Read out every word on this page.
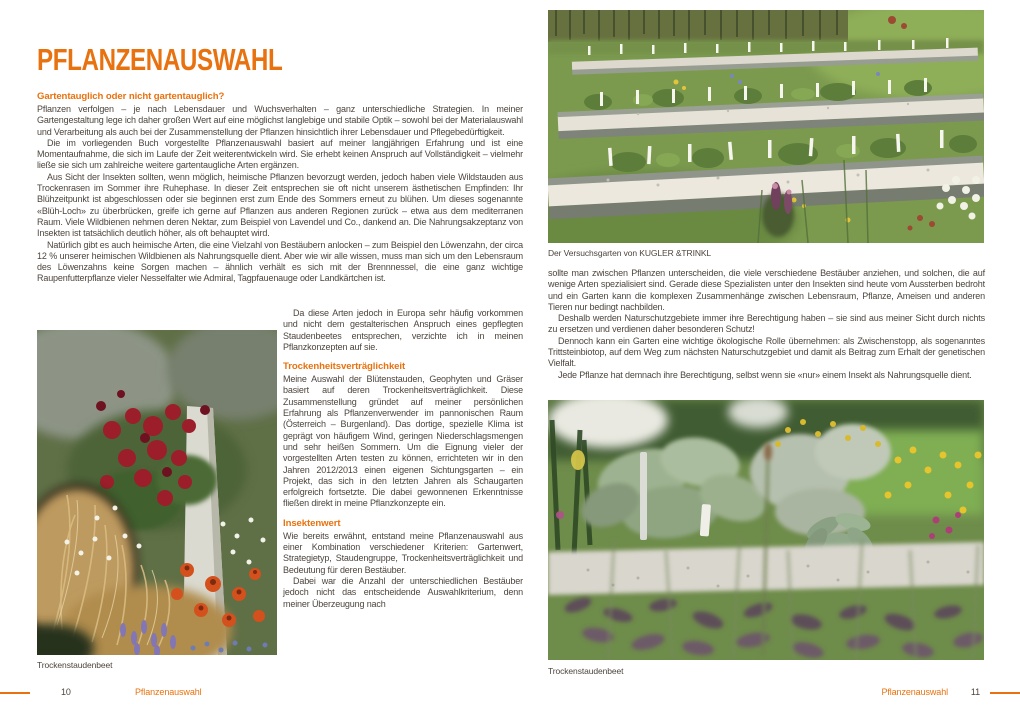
PFLANZENAUSWAHL
Gartentauglich oder nicht gartentauglich?

Pflanzen verfolgen – je nach Lebensdauer und Wuchsverhalten – ganz unterschiedliche Strategien. In meiner Gartengestaltung lege ich daher großen Wert auf eine möglichst langlebige und stabile Optik – sowohl bei der Materialauswahl und Verarbeitung als auch bei der Zusammenstellung der Pflanzen hinsichtlich ihrer Lebensdauer und Pflegebedürftigkeit.

Die im vorliegenden Buch vorgestellte Pflanzenauswahl basiert auf meiner langjährigen Erfahrung und ist eine Momentaufnahme, die sich im Laufe der Zeit weiterentwickeln wird. Sie erhebt keinen Anspruch auf Vollständigkeit – vielmehr ließe sie sich um zahlreiche weitere gartentaugliche Arten ergänzen.

Aus Sicht der Insekten sollten, wenn möglich, heimische Pflanzen bevorzugt werden, jedoch haben viele Wildstauden aus Trockenrasen im Sommer ihre Ruhephase. In dieser Zeit entsprechen sie oft nicht unserem ästhetischen Empfinden: Ihr Blühzeitpunkt ist abgeschlossen oder sie beginnen erst zum Ende des Sommers erneut zu blühen. Um dieses sogenannte «Blüh-Loch» zu überbrücken, greife ich gerne auf Pflanzen aus anderen Regionen zurück – etwa aus dem mediterranen Raum. Viele Wildbienen nehmen deren Nektar, zum Beispiel von Lavendel und Co., dankend an. Die Nahrungsakzeptanz von Insekten ist tatsächlich deutlich höher, als oft behauptet wird.

Natürlich gibt es auch heimische Arten, die eine Vielzahl von Bestäubern anlocken – zum Beispiel den Löwenzahn, der circa 12 % unserer heimischen Wildbienen als Nahrungsquelle dient. Aber wie wir alle wissen, muss man sich um den Lebensraum des Löwenzahns keine Sorgen machen – ähnlich verhält es sich mit der Brennnessel, die eine ganz wichtige Raupenfutterpflanze vieler Nesselfalter wie Admiral, Tagpfauenauge oder Landkärtchen ist.

Da diese Arten jedoch in Europa sehr häufig vorkommen und nicht dem gestalterischen Anspruch eines gepflegten Staudenbeetes entsprechen, verzichte ich in meinen Pflanzkonzepten auf sie.

Trockenheitsverträglichkeit

Meine Auswahl der Blütenstauden, Geophyten und Gräser basiert auf deren Trockenheitsverträglichkeit. Diese Zusammenstellung gründet auf meiner persönlichen Erfahrung als Pflanzenverwender im pannonischen Raum (Österreich – Burgenland). Das dortige, spezielle Klima ist geprägt von häufigem Wind, geringen Niederschlagsmengen und sehr heißen Sommern. Um die Eignung vieler der vorgestellten Arten testen zu können, errichteten wir in den Jahren 2012/2013 einen eigenen Sichtungsgarten – ein Projekt, das sich in den letzten Jahren als Schaugarten erfolgreich fortsetzte. Die dabei gewonnenen Erkenntnisse fließen direkt in meine Pflanzkonzepte ein.

Insektenwert

Wie bereits erwähnt, entstand meine Pflanzenauswahl aus einer Kombination verschiedener Kriterien: Gartenwert, Strategietyp, Staudengruppe, Trockenheitsverträglichkeit und Bedeutung für deren Bestäuber.

Dabei war die Anzahl der unterschiedlichen Bestäuber jedoch nicht das entscheidende Auswahlkriterium, denn meiner Überzeugung nach

Trockenstaudenbeet
Der Versuchsgarten von KUGLER &TRINKL

sollte man zwischen Pflanzen unterscheiden, die viele verschiedene Bestäuber anziehen, und solchen, die auf wenige Arten spezialisiert sind. Gerade diese Spezialisten unter den Insekten sind heute vom Aussterben bedroht und ein Garten kann die komplexen Zusammenhänge zwischen Lebensraum, Pflanze, Ameisen und anderen Tieren nur bedingt nachbilden.

Deshalb werden Naturschutzgebiete immer ihre Berechtigung haben – sie sind aus meiner Sicht durch nichts zu ersetzen und verdienen daher besonderen Schutz!

Dennoch kann ein Garten eine wichtige ökologische Rolle übernehmen: als Zwischenstopp, als sogenanntes Trittsteinbiotop, auf dem Weg zum nächsten Naturschutzgebiet und damit als Beitrag zum Erhalt der genetischen Vielfalt.

Jede Pflanze hat demnach ihre Berechtigung, selbst wenn sie «nur» einem Insekt als Nahrungsquelle dient.

Trockenstaudenbeet
10	Pflanzenauswahl	Pflanzenauswahl	11
